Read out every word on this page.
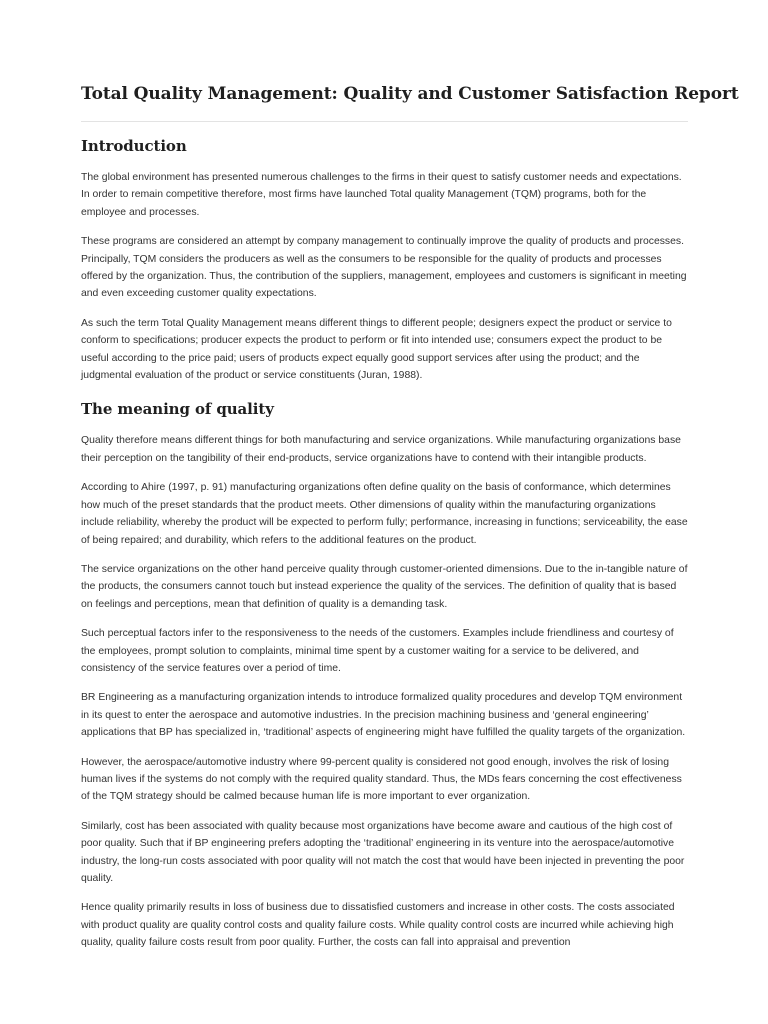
Total Quality Management: Quality and Customer Satisfaction Report
Introduction

The global environment has presented numerous challenges to the firms in their quest to satisfy customer needs and expectations. In order to remain competitive therefore, most firms have launched Total quality Management (TQM) programs, both for the employee and processes.

These programs are considered an attempt by company management to continually improve the quality of products and processes. Principally, TQM considers the producers as well as the consumers to be responsible for the quality of products and processes offered by the organization. Thus, the contribution of the suppliers, management, employees and customers is significant in meeting and even exceeding customer quality expectations.

As such the term Total Quality Management means different things to different people; designers expect the product or service to conform to specifications; producer expects the product to perform or fit into intended use; consumers expect the product to be useful according to the price paid; users of products expect equally good support services after using the product; and the judgmental evaluation of the product or service constituents (Juran, 1988).

The meaning of quality

Quality therefore means different things for both manufacturing and service organizations. While manufacturing organizations base their perception on the tangibility of their end-products, service organizations have to contend with their intangible products.

According to Ahire (1997, p. 91) manufacturing organizations often define quality on the basis of conformance, which determines how much of the preset standards that the product meets. Other dimensions of quality within the manufacturing organizations include reliability, whereby the product will be expected to perform fully; performance, increasing in functions; serviceability, the ease of being repaired; and durability, which refers to the additional features on the product.

The service organizations on the other hand perceive quality through customer-oriented dimensions. Due to the in-tangible nature of the products, the consumers cannot touch but instead experience the quality of the services. The definition of quality that is based on feelings and perceptions, mean that definition of quality is a demanding task.

Such perceptual factors infer to the responsiveness to the needs of the customers. Examples include friendliness and courtesy of the employees, prompt solution to complaints, minimal time spent by a customer waiting for a service to be delivered, and consistency of the service features over a period of time.

BR Engineering as a manufacturing organization intends to introduce formalized quality procedures and develop TQM environment in its quest to enter the aerospace and automotive industries. In the precision machining business and ‘general engineering’ applications that BP has specialized in, ‘traditional’ aspects of engineering might have fulfilled the quality targets of the organization.

However, the aerospace/automotive industry where 99-percent quality is considered not good enough, involves the risk of losing human lives if the systems do not comply with the required quality standard. Thus, the MDs fears concerning the cost effectiveness of the TQM strategy should be calmed because human life is more important to ever organization.

Similarly, cost has been associated with quality because most organizations have become aware and cautious of the high cost of poor quality. Such that if BP engineering prefers adopting the ‘traditional’ engineering in its venture into the aerospace/automotive industry, the long-run costs associated with poor quality will not match the cost that would have been injected in preventing the poor quality.

Hence quality primarily results in loss of business due to dissatisfied customers and increase in other costs. The costs associated with product quality are quality control costs and quality failure costs. While quality control costs are incurred while achieving high quality, quality failure costs result from poor quality. Further, the costs can fall into appraisal and prevention
